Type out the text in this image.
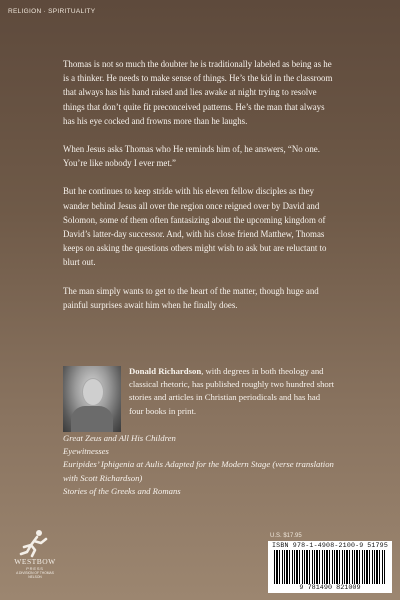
RELIGION · SPIRITUALITY

Thomas is not so much the doubter he is traditionally labeled as being as he is a thinker. He needs to make sense of things. He’s the kid in the classroom that always has his hand raised and lies awake at night trying to resolve things that don’t quite fit preconceived patterns. He’s the man that always has his eye cocked and frowns more than he laughs.

When Jesus asks Thomas who He reminds him of, he answers, “No one. You’re like nobody I ever met.”

But he continues to keep stride with his eleven fellow disciples as they wander behind Jesus all over the region once reigned over by David and Solomon, some of them often fantasizing about the upcoming kingdom of David’s latter-day successor. And, with his close friend Matthew, Thomas keeps on asking the questions others might wish to ask but are reluctant to blurt out.

The man simply wants to get to the heart of the matter, though huge and painful surprises await him when he finally does.

Donald Richardson, with degrees in both theology and classical rhetoric, has published roughly two hundred short stories and articles in Christian periodicals and has had four books in print.
Great Zeus and All His Children
Eyewitnesses
Euripides’ Iphigenia at Aulis Adapted for the Modern Stage (verse translation with Scott Richardson)
Stories of the Greeks and Romans
WESTBOW
PRESS
A DIVISION OF THOMAS NELSON
U.S. $17.95
ISBN 978-1-4908-2100-9 51795
9 781490 821009
